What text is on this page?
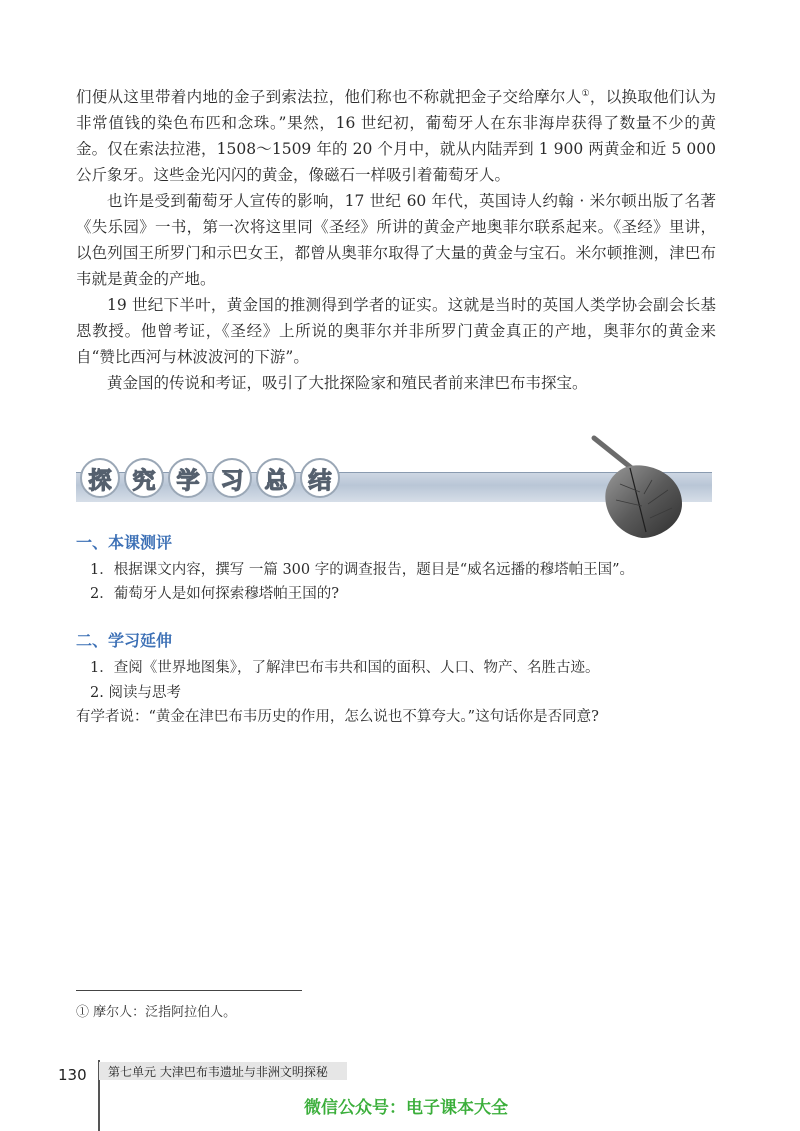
们便从这里带着内地的金子到索法拉，他们称也不称就把金子交给摩尔人①，以换取他们认为非常值钱的染色布匹和念珠。”果然，16 世纪初，葡萄牙人在东非海岸获得了数量不少的黄金。仅在索法拉港，1508～1509 年的 20 个月中，就从内陆弄到 1 900 两黄金和近 5 000 公斤象牙。这些金光闪闪的黄金，像磁石一样吸引着葡萄牙人。

也许是受到葡萄牙人宣传的影响，17 世纪 60 年代，英国诗人约翰 · 米尔顿出版了名著《失乐园》一书，第一次将这里同《圣经》所讲的黄金产地奥菲尔联系起来。《圣经》里讲，以色列国王所罗门和示巴女王，都曾从奥菲尔取得了大量的黄金与宝石。米尔顿推测，津巴布韦就是黄金的产地。

19 世纪下半叶，黄金国的推测得到学者的证实。这就是当时的英国人类学协会副会长基恩教授。他曾考证，《圣经》上所说的奥菲尔并非所罗门黄金真正的产地，奥菲尔的黄金来自“赞比西河与林波波河的下游”。

黄金国的传说和考证，吸引了大批探险家和殖民者前来津巴布韦探宝。

探 究 学 习 总 结
一、本课测评
1．根据课文内容，撰写 一篇 300 字的调查报告，题目是“威名远播的穆塔帕王国”。
2．葡萄牙人是如何探索穆塔帕王国的?
二、学习延伸
1．查阅《世界地图集》，了解津巴布韦共和国的面积、人口、物产、名胜古迹。
2. 阅读与思考
有学者说：“黄金在津巴布韦历史的作用，怎么说也不算夸大。”这句话你是否同意?
① 摩尔人：泛指阿拉伯人。
130 第七单元 大津巴布韦遗址与非洲文明探秘
微信公众号：电子课本大全
